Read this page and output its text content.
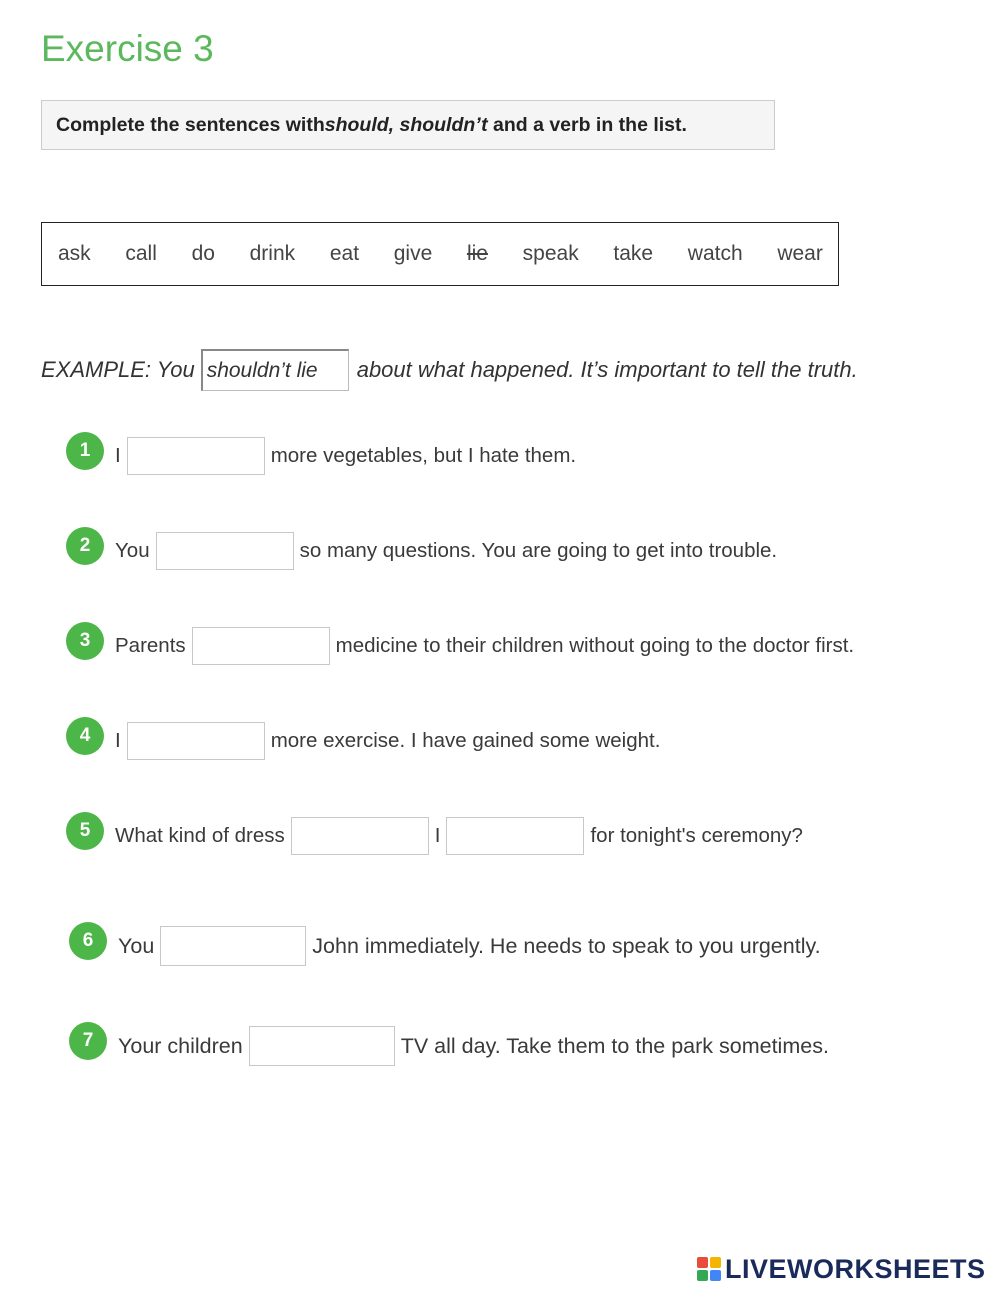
Exercise 3
Complete the sentences with should, shouldn’t and a verb in the list.
ask call do drink eat give lie speak take watch wear
EXAMPLE: You shouldn’t lie	about what happened. It’s important to tell the truth.
1	I	more vegetables, but I hate them.
2	You	so many questions. You are going to get into trouble.
3	Parents	medicine to their children without going to the doctor first.
4	I	more exercise. I have gained some weight.
5	What kind of dress	I	for tonight's ceremony?
6	You	John immediately. He needs to speak to you urgently.
7	Your children	TV all day. Take them to the park sometimes.
LIVEWORKSHEETS
